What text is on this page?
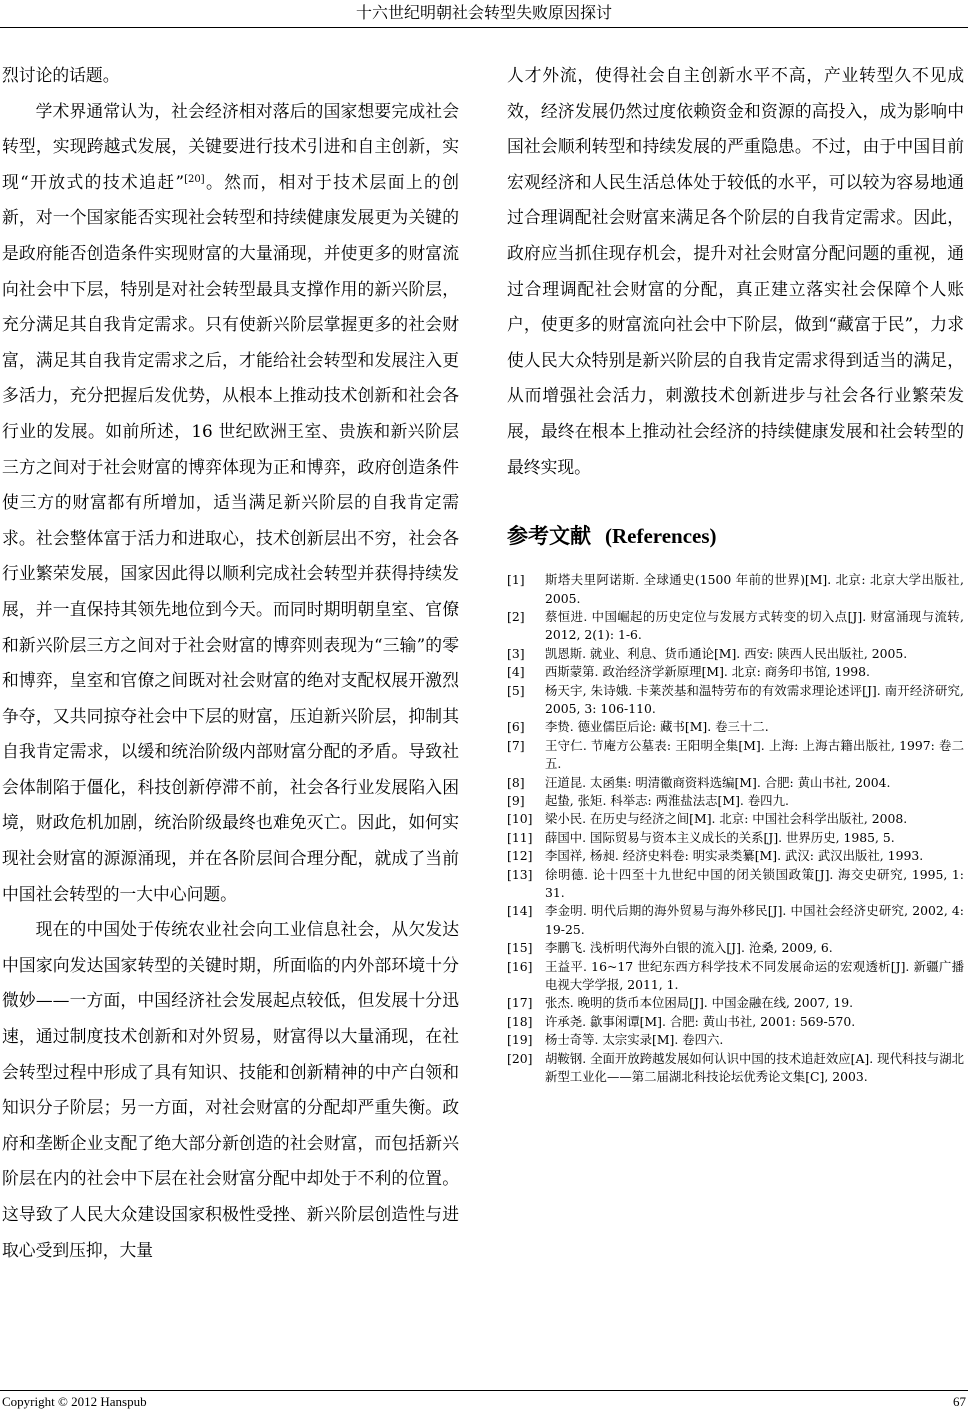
十六世纪明朝社会转型失败原因探讨

烈讨论的话题。

学术界通常认为，社会经济相对落后的国家想要完成社会转型，实现跨越式发展，关键要进行技术引进和自主创新，实现“开放式的技术追赶”[20]。然而，相对于技术层面上的创新，对一个国家能否实现社会转型和持续健康发展更为关键的是政府能否创造条件实现财富的大量涌现，并使更多的财富流向社会中下层，特别是对社会转型最具支撑作用的新兴阶层，充分满足其自我肯定需求。只有使新兴阶层掌握更多的社会财富，满足其自我肯定需求之后，才能给社会转型和发展注入更多活力，充分把握后发优势，从根本上推动技术创新和社会各行业的发展。如前所述，16 世纪欧洲王室、贵族和新兴阶层三方之间对于社会财富的博弈体现为正和博弈，政府创造条件使三方的财富都有所增加，适当满足新兴阶层的自我肯定需求。社会整体富于活力和进取心，技术创新层出不穷，社会各行业繁荣发展，国家因此得以顺利完成社会转型并获得持续发展，并一直保持其领先地位到今天。而同时期明朝皇室、官僚和新兴阶层三方之间对于社会财富的博弈则表现为“三输”的零和博弈，皇室和官僚之间既对社会财富的绝对支配权展开激烈争夺，又共同掠夺社会中下层的财富，压迫新兴阶层，抑制其自我肯定需求，以缓和统治阶级内部财富分配的矛盾。导致社会体制陷于僵化，科技创新停滞不前，社会各行业发展陷入困境，财政危机加剧，统治阶级最终也难免灭亡。因此，如何实现社会财富的源源涌现，并在各阶层间合理分配，就成了当前中国社会转型的一大中心问题。

现在的中国处于传统农业社会向工业信息社会，从欠发达中国家向发达国家转型的关键时期，所面临的内外部环境十分微妙——一方面，中国经济社会发展起点较低，但发展十分迅速，通过制度技术创新和对外贸易，财富得以大量涌现，在社会转型过程中形成了具有知识、技能和创新精神的中产白领和知识分子阶层；另一方面，对社会财富的分配却严重失衡。政府和垄断企业支配了绝大部分新创造的社会财富，而包括新兴阶层在内的社会中下层在社会财富分配中却处于不利的位置。这导致了人民大众建设国家积极性受挫、新兴阶层创造性与进取心受到压抑，大量

人才外流，使得社会自主创新水平不高，产业转型久不见成效，经济发展仍然过度依赖资金和资源的高投入，成为影响中国社会顺利转型和持续发展的严重隐患。不过，由于中国目前宏观经济和人民生活总体处于较低的水平，可以较为容易地通过合理调配社会财富来满足各个阶层的自我肯定需求。因此，政府应当抓住现存机会，提升对社会财富分配问题的重视，通过合理调配社会财富的分配，真正建立落实社会保障个人账户，使更多的财富流向社会中下阶层，做到“藏富于民”，力求使人民大众特别是新兴阶层的自我肯定需求得到适当的满足，从而增强社会活力，刺激技术创新进步与社会各行业繁荣发展，最终在根本上推动社会经济的持续健康发展和社会转型的最终实现。

参考文献 (References)
[1] 斯塔夫里阿诺斯. 全球通史(1500 年前的世界)[M]. 北京: 北京大学出版社, 2005.
[2] 蔡恒进. 中国崛起的历史定位与发展方式转变的切入点[J]. 财富涌现与流转, 2012, 2(1): 1-6.
[3] 凯恩斯. 就业、利息、货币通论[M]. 西安: 陕西人民出版社, 2005.
[4] 西斯蒙第. 政治经济学新原理[M]. 北京: 商务印书馆, 1998.
[5] 杨天宇, 朱诗娥. 卡莱茨基和温特劳布的有效需求理论述评[J]. 南开经济研究, 2005, 3: 106-110.
[6] 李贽. 德业儒臣后论: 藏书[M]. 卷三十二.
[7] 王守仁. 节庵方公墓表: 王阳明全集[M]. 上海: 上海古籍出版社, 1997: 卷二五.
[8] 汪道昆. 太函集: 明清徽商资料选编[M]. 合肥: 黄山书社, 2004.
[9] 起蛰, 张矩. 科举志: 两淮盐法志[M]. 卷四九.
[10] 梁小民. 在历史与经济之间[M]. 北京: 中国社会科学出版社, 2008.
[11] 薛国中. 国际贸易与资本主义成长的关系[J]. 世界历史, 1985, 5.
[12] 李国祥, 杨昶. 经济史料卷: 明实录类纂[M]. 武汉: 武汉出版社, 1993.
[13] 徐明德. 论十四至十九世纪中国的闭关锁国政策[J]. 海交史研究, 1995, 1: 31.
[14] 李金明. 明代后期的海外贸易与海外移民[J]. 中国社会经济史研究, 2002, 4: 19-25.
[15] 李鹏飞. 浅析明代海外白银的流入[J]. 沧桑, 2009, 6.
[16] 王益平. 16~17 世纪东西方科学技术不同发展命运的宏观透析[J]. 新疆广播电视大学学报, 2011, 1.
[17] 张杰. 晚明的货币本位困局[J]. 中国金融在线, 2007, 19.
[18] 许承尧. 歙事闲谭[M]. 合肥: 黄山书社, 2001: 569-570.
[19] 杨士奇等. 太宗实录[M]. 卷四六.
[20] 胡鞍钢. 全面开放跨越发展如何认识中国的技术追赶效应[A]. 现代科技与湖北新型工业化——第二届湖北科技论坛优秀论文集[C], 2003.
Copyright © 2012 Hanspub	67
